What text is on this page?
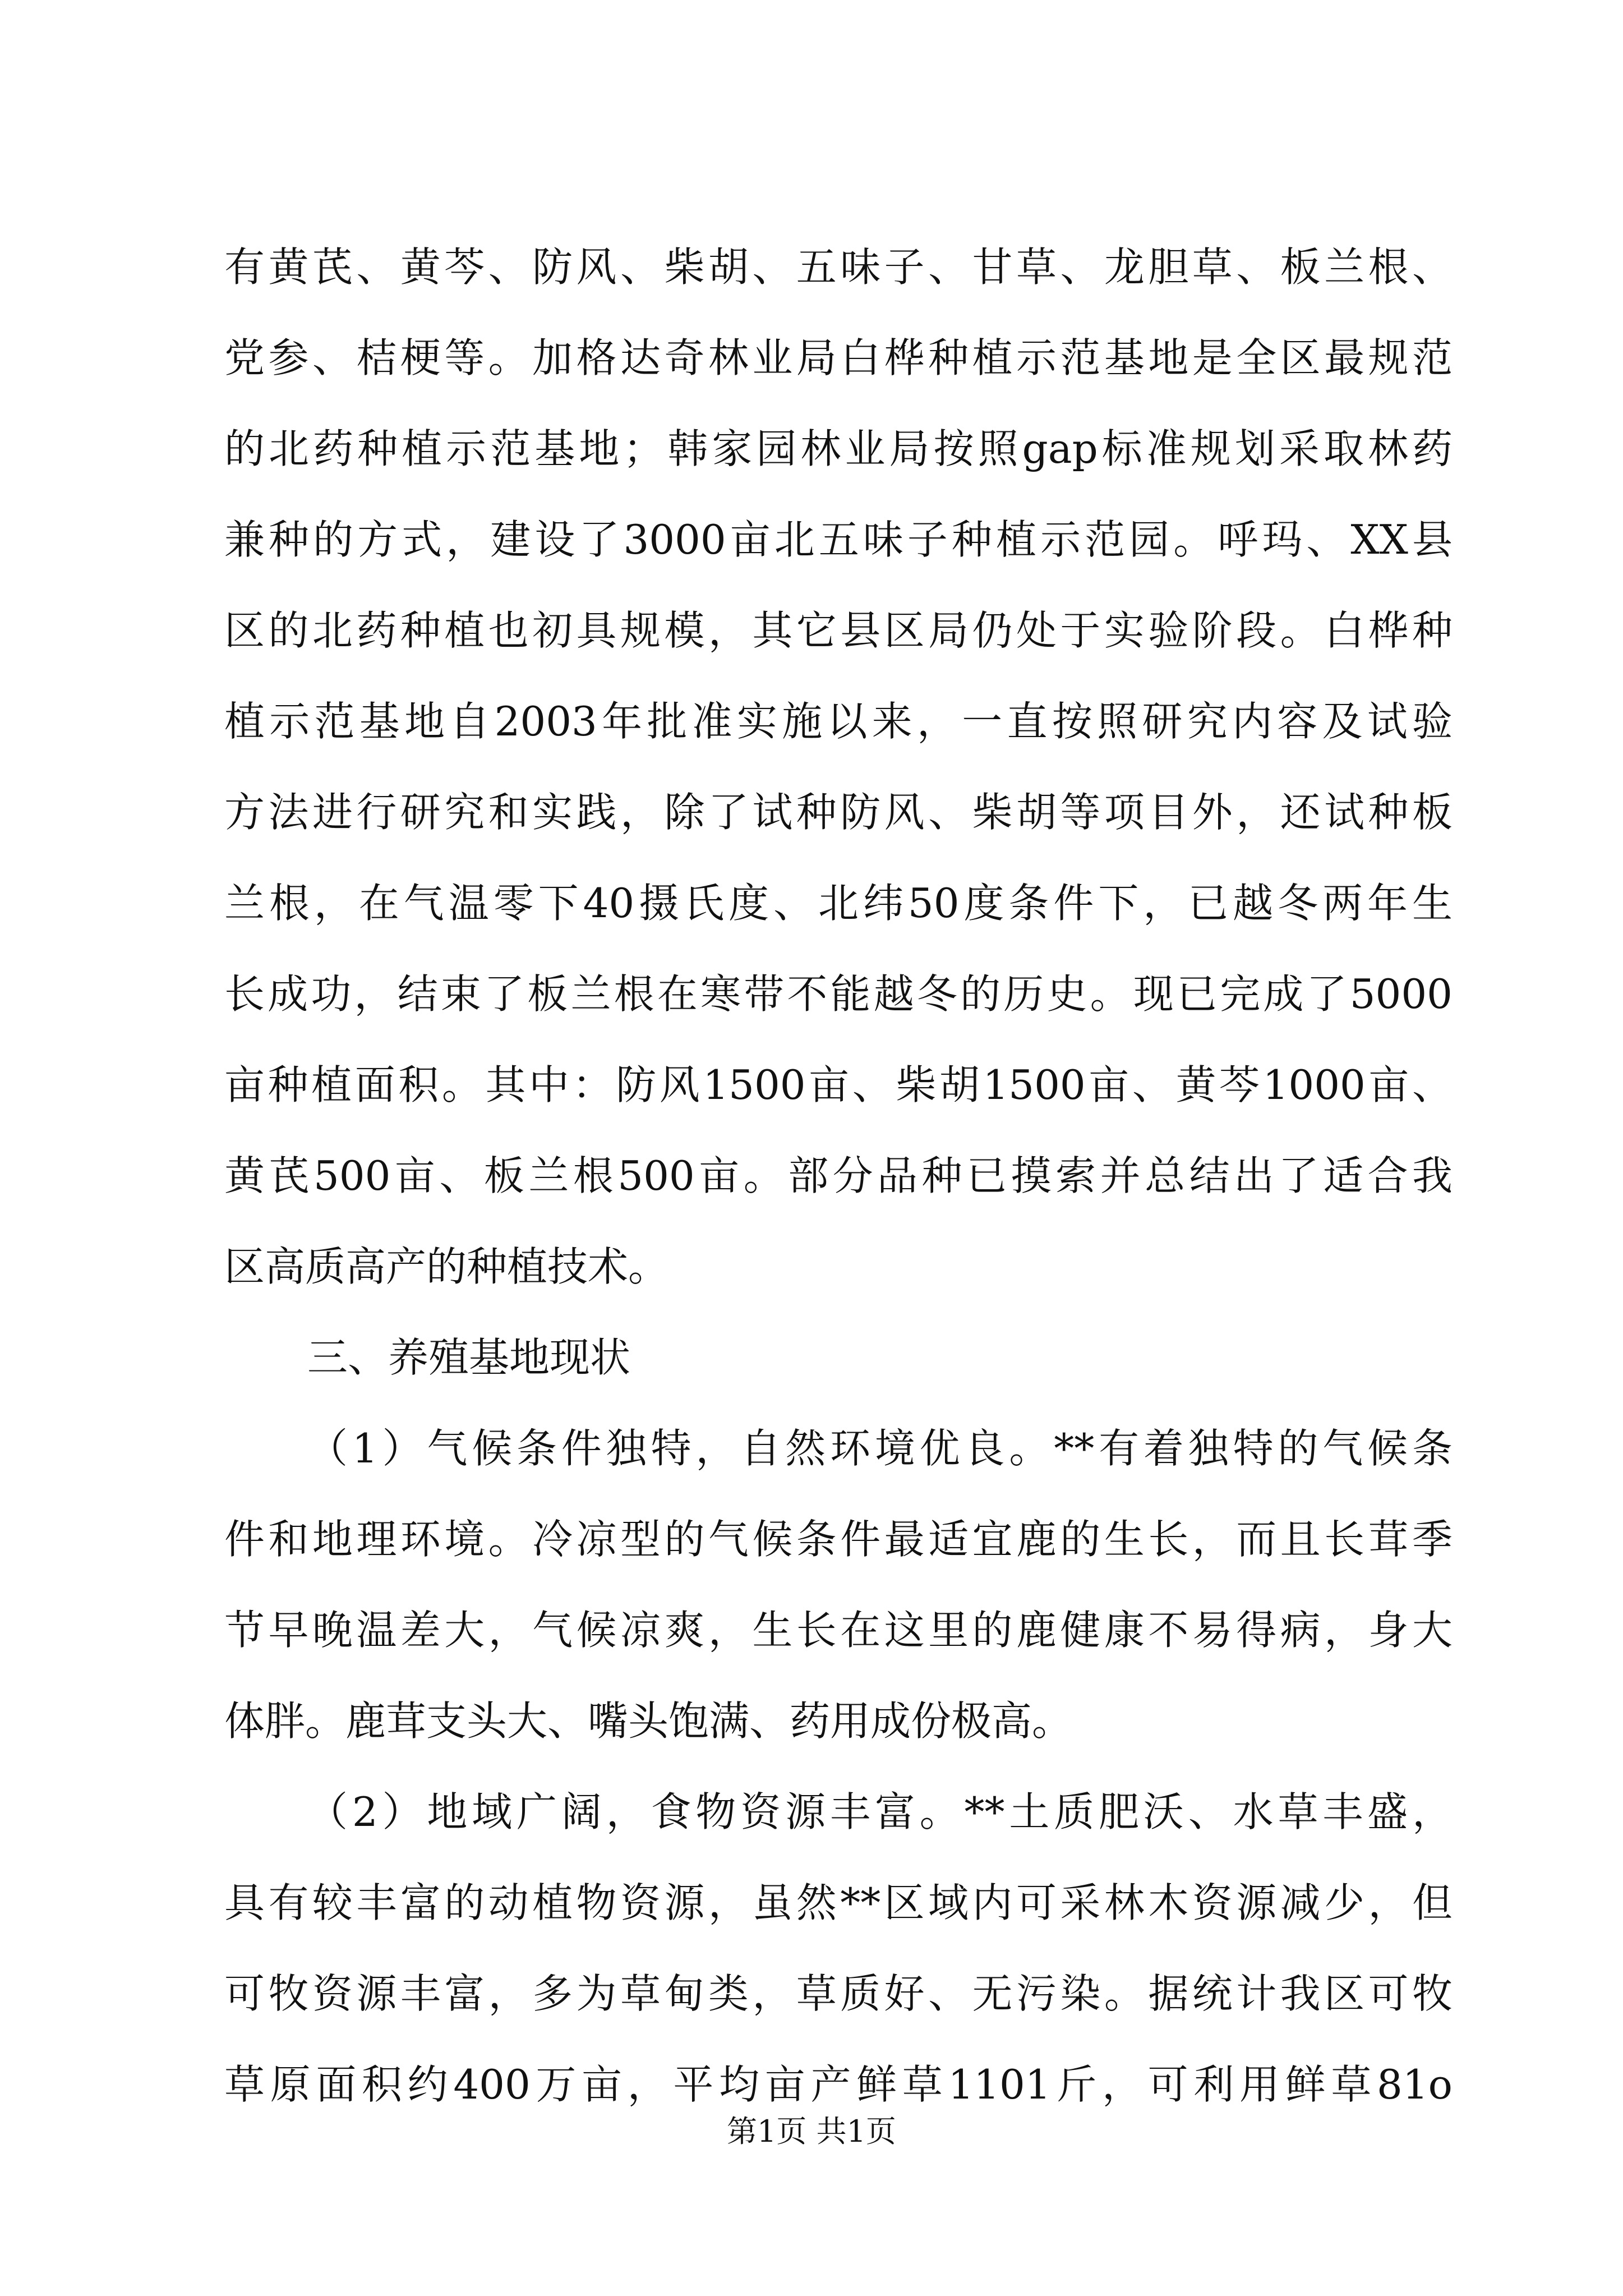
有黄芪、黄芩、防风、柴胡、五味子、甘草、龙胆草、板兰根、

党参、桔梗等。加格达奇林业局白桦种植示范基地是全区最规范

的北药种植示范基地；韩家园林业局按照gap标准规划采取林药

兼种的方式，建设了3000亩北五味子种植示范园。呼玛、XX县

区的北药种植也初具规模，其它县区局仍处于实验阶段。白桦种

植示范基地自2003年批准实施以来，一直按照研究内容及试验

方法进行研究和实践，除了试种防风、柴胡等项目外，还试种板

兰根，在气温零下40摄氏度、北纬50度条件下，已越冬两年生

长成功，结束了板兰根在寒带不能越冬的历史。现已完成了5000

亩种植面积。其中：防风1500亩、柴胡1500亩、黄芩1000亩、

黄芪500亩、板兰根500亩。部分品种已摸索并总结出了适合我

区高质高产的种植技术。

三、养殖基地现状

（1）气候条件独特，自然环境优良。**有着独特的气候条

件和地理环境。冷凉型的气候条件最适宜鹿的生长，而且长茸季

节早晚温差大，气候凉爽，生长在这里的鹿健康不易得病，身大

体胖。鹿茸支头大、嘴头饱满、药用成份极高。

（2）地域广阔，食物资源丰富。**土质肥沃、水草丰盛，

具有较丰富的动植物资源，虽然**区域内可采林木资源减少，但

可牧资源丰富，多为草甸类，草质好、无污染。据统计我区可牧

草原面积约400万亩，平均亩产鲜草1101斤，可利用鲜草81o

第1页 共1页
